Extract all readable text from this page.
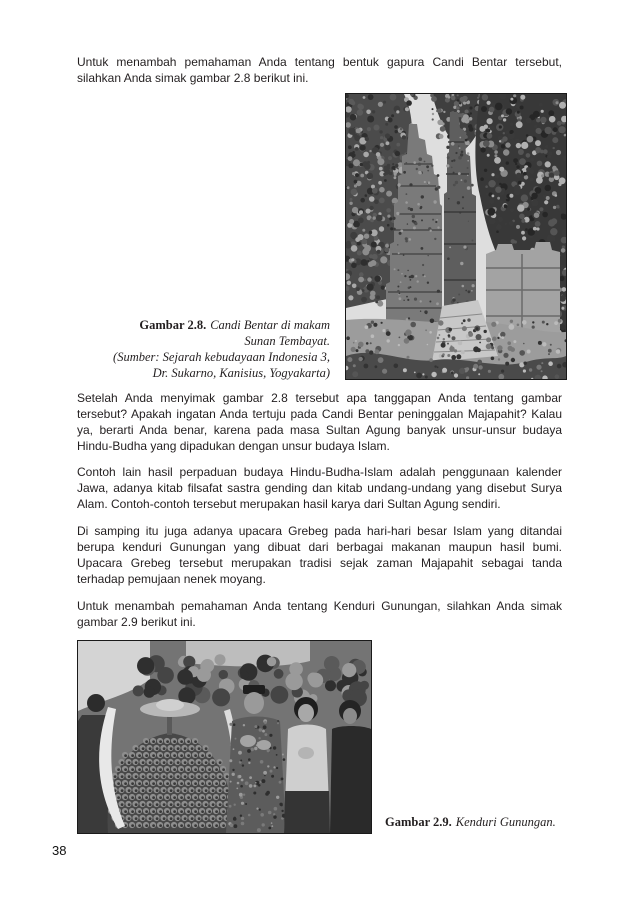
Untuk menambah pemahaman Anda tentang bentuk gapura Candi Bentar tersebut,
silahkan Anda simak gambar 2.8 berikut ini.
Gambar 2.8. Candi Bentar di makam
Sunan Tembayat.
(Sumber: Sejarah kebudayaan Indonesia 3,
Dr. Sukarno, Kanisius, Yogyakarta)
Setelah Anda menyimak gambar 2.8 tersebut apa tanggapan Anda tentang gambar
tersebut? Apakah ingatan Anda tertuju pada Candi Bentar peninggalan Majapahit? Kalau
ya, berarti Anda benar, karena pada masa Sultan Agung banyak unsur-unsur budaya
Hindu-Budha yang dipadukan dengan unsur budaya Islam.
Contoh lain hasil perpaduan budaya Hindu-Budha-Islam adalah penggunaan kalender
Jawa, adanya kitab filsafat sastra gending dan kitab undang-undang yang disebut Surya
Alam. Contoh-contoh tersebut merupakan hasil karya dari Sultan Agung sendiri.
Di samping itu juga adanya upacara Grebeg pada hari-hari besar Islam yang ditandai
berupa kenduri Gunungan yang dibuat dari berbagai makanan maupun hasil bumi.
Upacara Grebeg tersebut merupakan tradisi sejak zaman Majapahit sebagai tanda
terhadap pemujaan nenek moyang.
Untuk menambah pemahaman Anda tentang Kenduri Gunungan, silahkan Anda simak
gambar 2.9 berikut ini.
Gambar 2.9. Kenduri Gunungan.
38
